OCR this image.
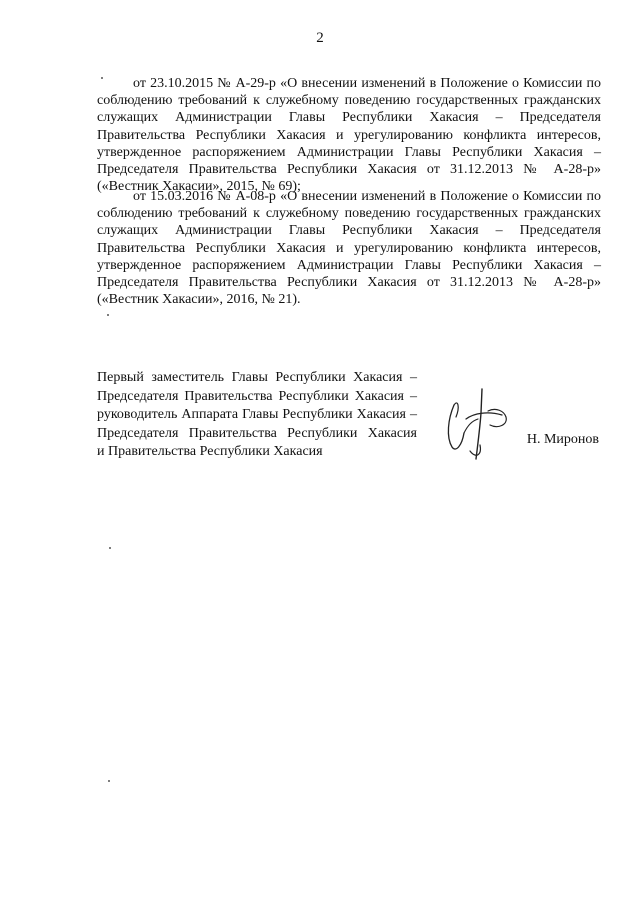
2

от 23.10.2015 № А-29-р «О внесении изменений в Положение о Комиссии по соблюдению требований к служебному поведению государственных гражданских служащих Администрации Главы Республики Хакасия – Председателя Правительства Республики Хакасия и урегулированию конфликта интересов, утвержденное распоряжением Администрации Главы Республики Хакасия – Председателя Правительства Республики Хакасия от 31.12.2013 № А-28-р» («Вестник Хакасии», 2015, № 69);

от 15.03.2016 № А-08-р «О внесении изменений в Положение о Комиссии по соблюдению требований к служебному поведению государственных гражданских служащих Администрации Главы Республики Хакасия – Председателя Правительства Республики Хакасия и урегулированию конфликта интересов, утвержденное распоряжением Администрации Главы Республики Хакасия – Председателя Правительства Республики Хакасия от 31.12.2013 № А-28-р» («Вестник Хакасии», 2016, № 21).

Первый заместитель Главы Республики Хакасия –
Председателя Правительства Республики Хакасия –
руководитель Аппарата Главы Республики Хакасия –
Председателя Правительства Республики Хакасия
и Правительства Республики Хакасия
Н. Миронов
